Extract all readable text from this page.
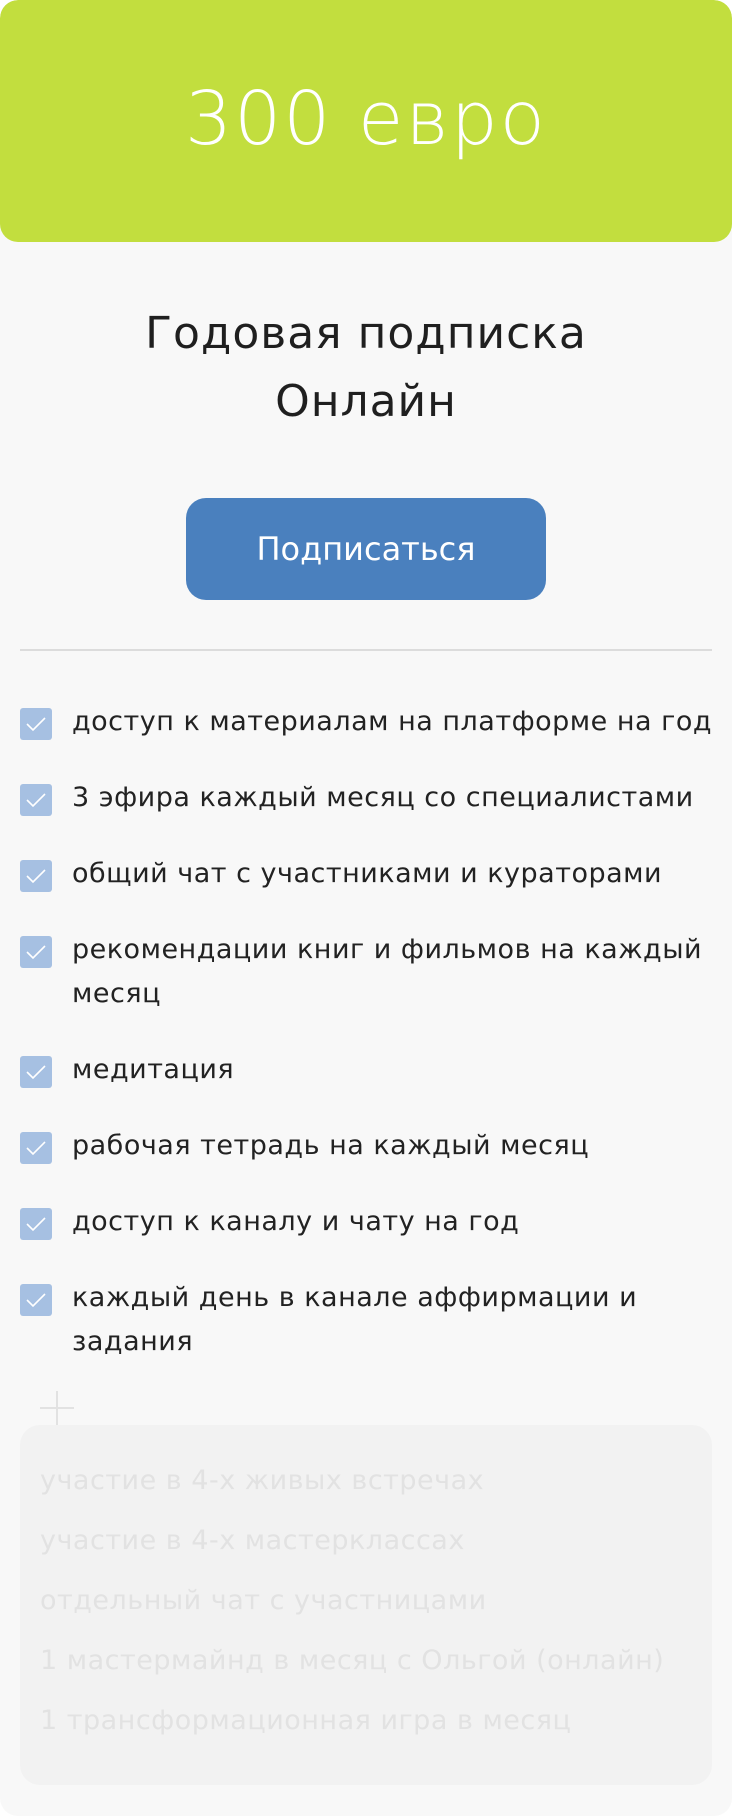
300 евро
Годовая подписка
Онлайн
Подписаться
доступ к материалам на платформе на год
3 эфира каждый месяц со специалистами
общий чат с участниками и кураторами
рекомендации книг и фильмов на каждый месяц
медитация
рабочая тетрадь на каждый месяц
доступ к каналу и чату на год
каждый день в канале аффирмации и задания
участие в 4-х живых встречах
участие в 4-х мастерклассах
отдельный чат с участницами
1 мастермайнд в месяц с Ольгой (онлайн)
1 трансформационная игра в месяц
